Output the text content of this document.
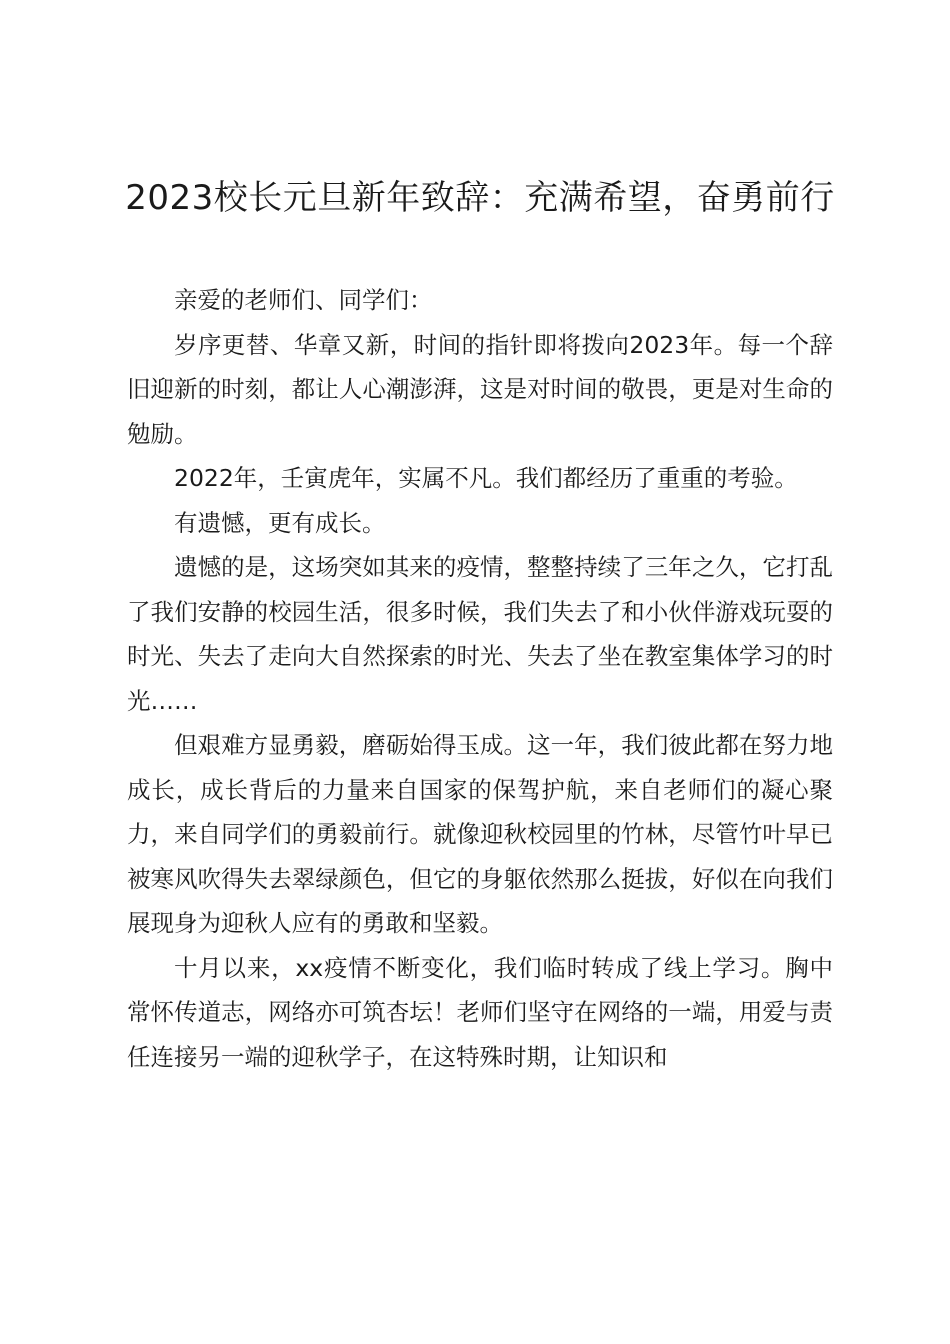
2023校长元旦新年致辞：充满希望，奋勇前行

亲爱的老师们、同学们：

岁序更替、华章又新，时间的指针即将拨向2023年。每一个辞旧迎新的时刻，都让人心潮澎湃，这是对时间的敬畏，更是对生命的勉励。

2022年，壬寅虎年，实属不凡。我们都经历了重重的考验。

有遗憾，更有成长。

遗憾的是，这场突如其来的疫情，整整持续了三年之久，它打乱了我们安静的校园生活，很多时候，我们失去了和小伙伴游戏玩耍的时光、失去了走向大自然探索的时光、失去了坐在教室集体学习的时光……

但艰难方显勇毅，磨砺始得玉成。这一年，我们彼此都在努力地成长，成长背后的力量来自国家的保驾护航，来自老师们的凝心聚力，来自同学们的勇毅前行。就像迎秋校园里的竹林，尽管竹叶早已被寒风吹得失去翠绿颜色，但它的身躯依然那么挺拔，好似在向我们展现身为迎秋人应有的勇敢和坚毅。

十月以来，xx疫情不断变化，我们临时转成了线上学习。胸中常怀传道志，网络亦可筑杏坛！老师们坚守在网络的一端，用爱与责任连接另一端的迎秋学子，在这特殊时期，让知识和
